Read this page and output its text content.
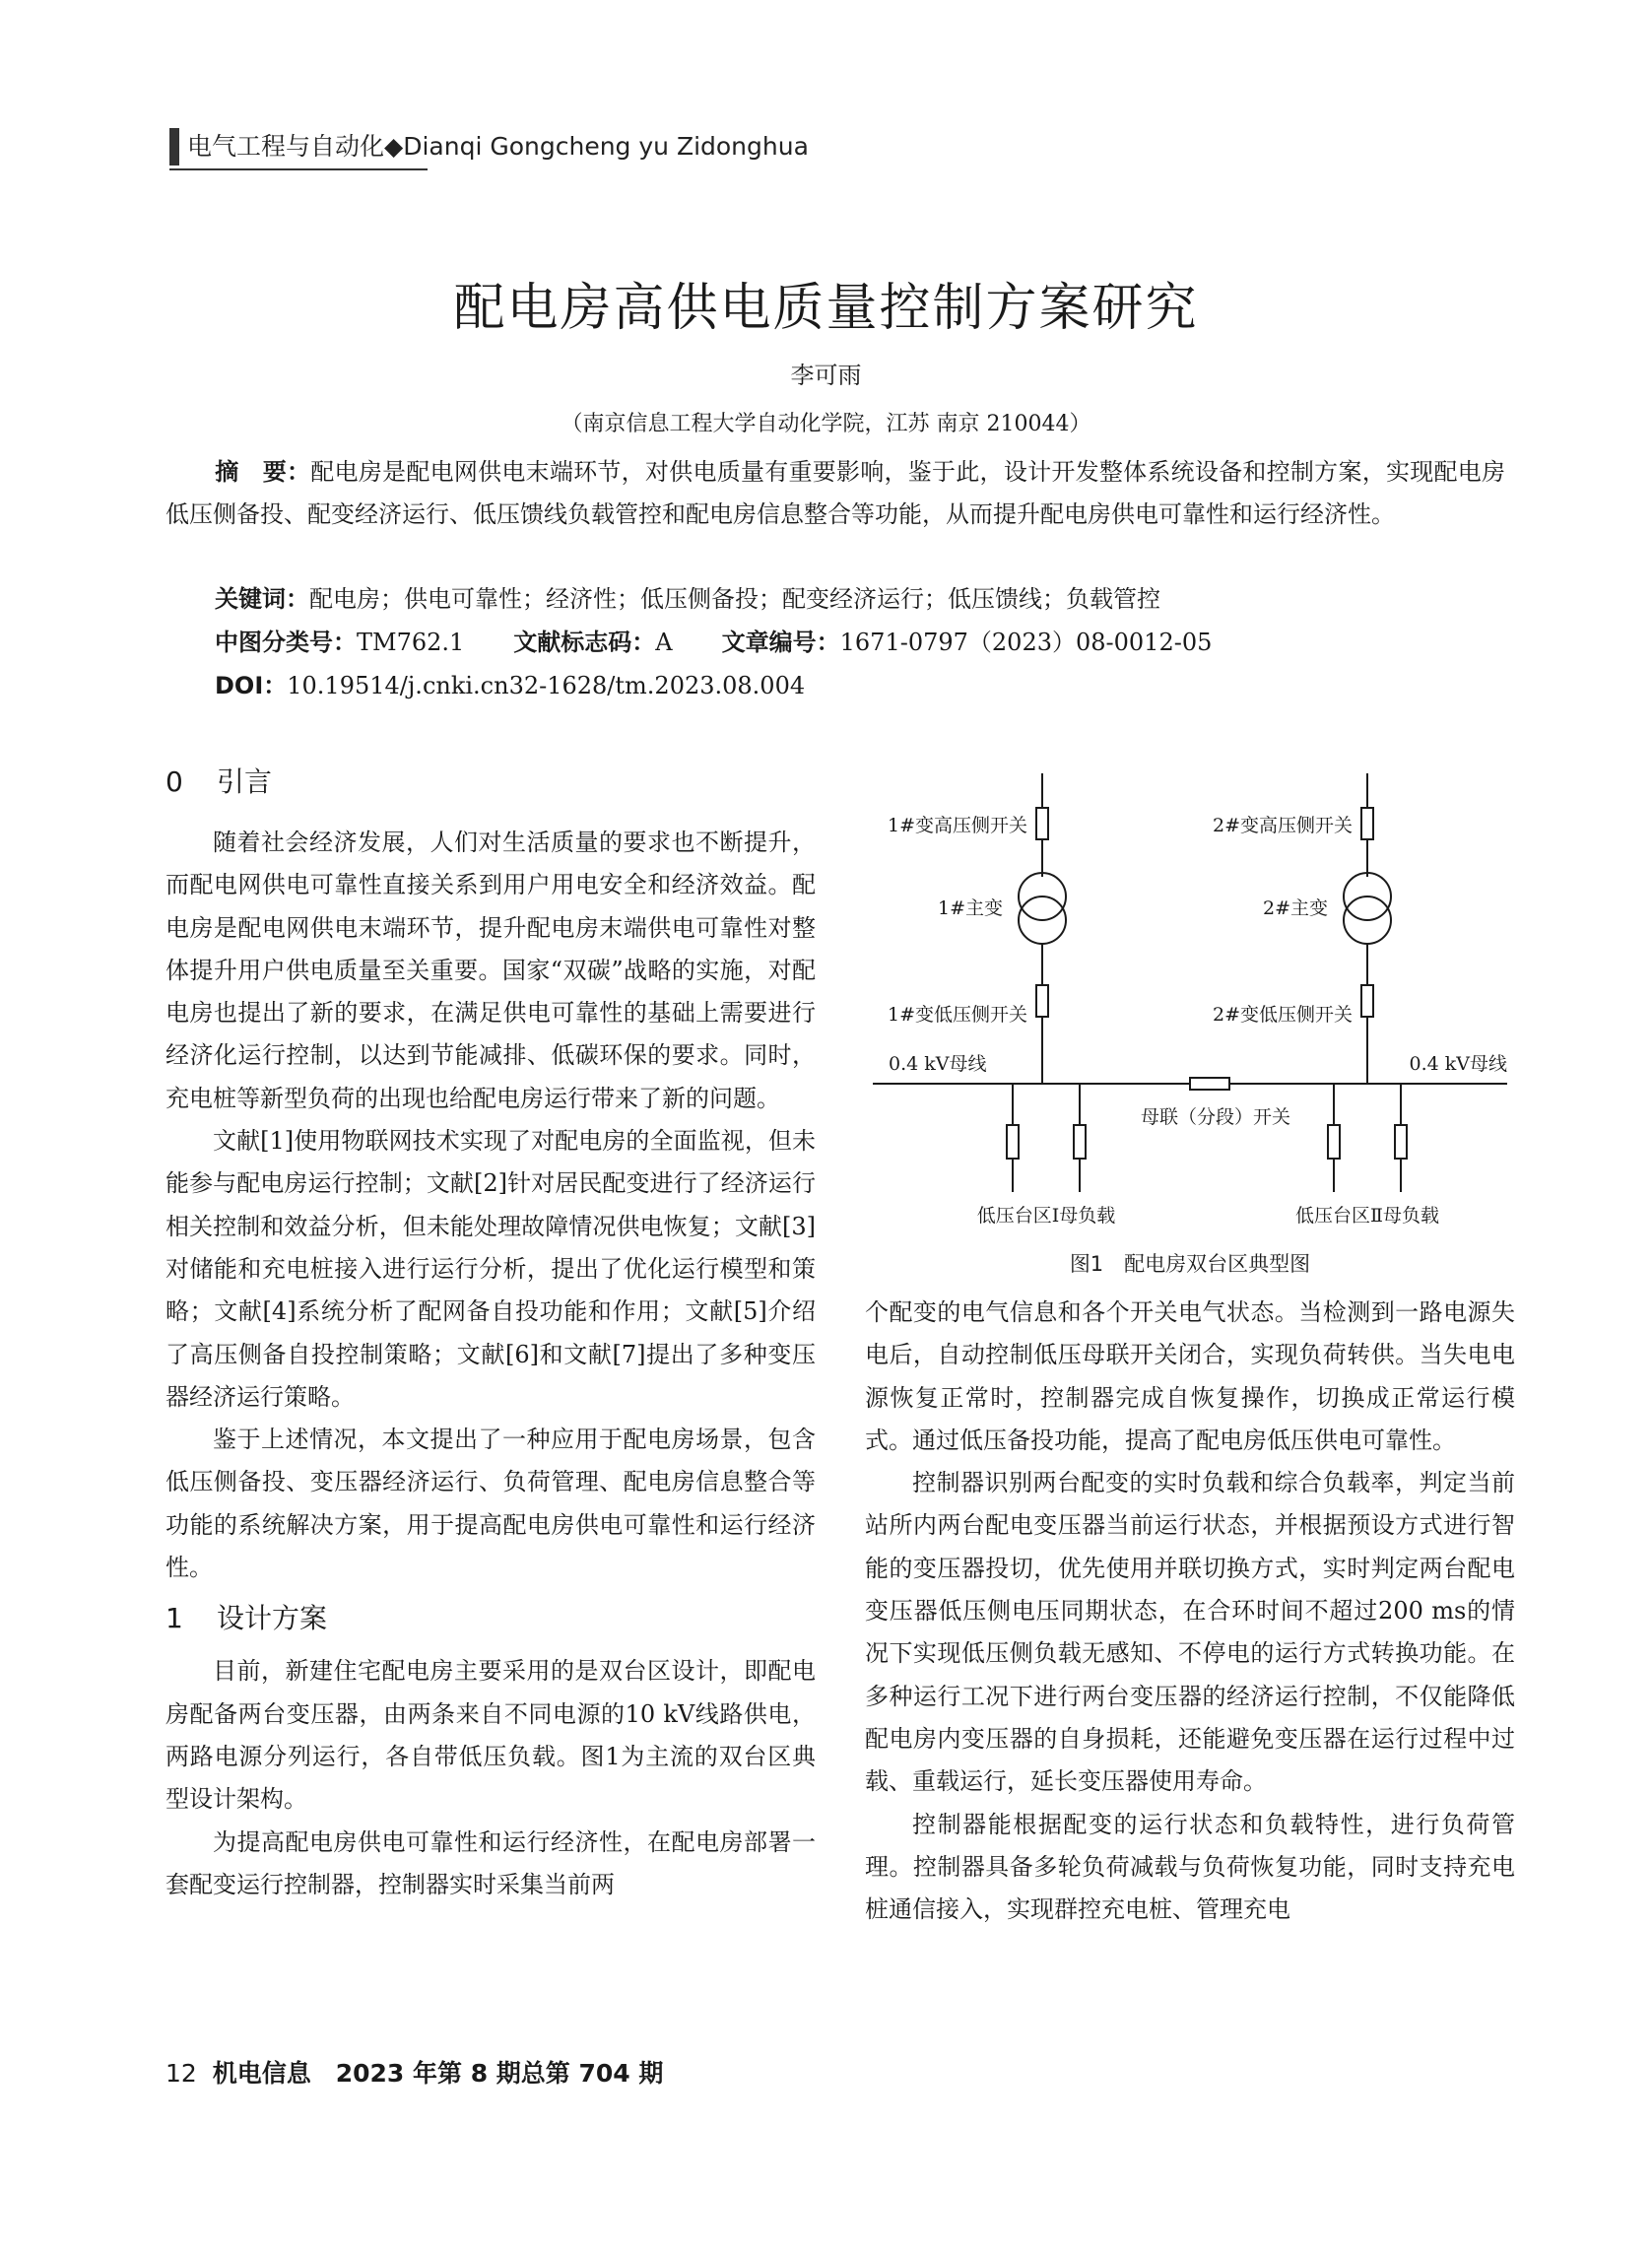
电气工程与自动化◆Dianqi Gongcheng yu Zidonghua
配电房高供电质量控制方案研究
李可雨
（南京信息工程大学自动化学院，江苏 南京 210044）
摘　要：配电房是配电网供电末端环节，对供电质量有重要影响，鉴于此，设计开发整体系统设备和控制方案，实现配电房低压侧备投、配变经济运行、低压馈线负载管控和配电房信息整合等功能，从而提升配电房供电可靠性和运行经济性。
关键词：配电房；供电可靠性；经济性；低压侧备投；配变经济运行；低压馈线；负载管控
中图分类号：TM762.1 文献标志码：A 文章编号：1671-0797（2023）08-0012-05
DOI：10.19514/j.cnki.cn32-1628/tm.2023.08.004
0 引言

随着社会经济发展，人们对生活质量的要求也不断提升，而配电网供电可靠性直接关系到用户用电安全和经济效益。配电房是配电网供电末端环节，提升配电房末端供电可靠性对整体提升用户供电质量至关重要。国家“双碳”战略的实施，对配电房也提出了新的要求，在满足供电可靠性的基础上需要进行经济化运行控制，以达到节能减排、低碳环保的要求。同时，充电桩等新型负荷的出现也给配电房运行带来了新的问题。

文献[1]使用物联网技术实现了对配电房的全面监视，但未能参与配电房运行控制；文献[2]针对居民配变进行了经济运行相关控制和效益分析，但未能处理故障情况供电恢复；文献[3]对储能和充电桩接入进行运行分析，提出了优化运行模型和策略；文献[4]系统分析了配网备自投功能和作用；文献[5]介绍了高压侧备自投控制策略；文献[6]和文献[7]提出了多种变压器经济运行策略。

鉴于上述情况，本文提出了一种应用于配电房场景，包含低压侧备投、变压器经济运行、负荷管理、配电房信息整合等功能的系统解决方案，用于提高配电房供电可靠性和运行经济性。

1 设计方案

目前，新建住宅配电房主要采用的是双台区设计，即配电房配备两台变压器，由两条来自不同电源的10 kV线路供电，两路电源分列运行，各自带低压负载。图1为主流的双台区典型设计架构。

为提高配电房供电可靠性和运行经济性，在配电房部署一套配变运行控制器，控制器实时采集当前两

1#变高压侧开关	2#变高压侧开关
1#主变	2#主变
1#变低压侧开关	2#变低压侧开关
0.4 kV母线	0.4 kV母线
母联（分段）开关
低压台区Ⅰ母负载	低压台区Ⅱ母负载
图1　配电房双台区典型图

个配变的电气信息和各个开关电气状态。当检测到一路电源失电后，自动控制低压母联开关闭合，实现负荷转供。当失电电源恢复正常时，控制器完成自恢复操作，切换成正常运行模式。通过低压备投功能，提高了配电房低压供电可靠性。

控制器识别两台配变的实时负载和综合负载率，判定当前站所内两台配电变压器当前运行状态，并根据预设方式进行智能的变压器投切，优先使用并联切换方式，实时判定两台配电变压器低压侧电压同期状态，在合环时间不超过200 ms的情况下实现低压侧负载无感知、不停电的运行方式转换功能。在多种运行工况下进行两台变压器的经济运行控制，不仅能降低配电房内变压器的自身损耗，还能避免变压器在运行过程中过载、重载运行，延长变压器使用寿命。

控制器能根据配变的运行状态和负载特性，进行负荷管理。控制器具备多轮负荷减载与负荷恢复功能，同时支持充电桩通信接入，实现群控充电桩、管理充电

12 机电信息　2023 年第 8 期总第 704 期
